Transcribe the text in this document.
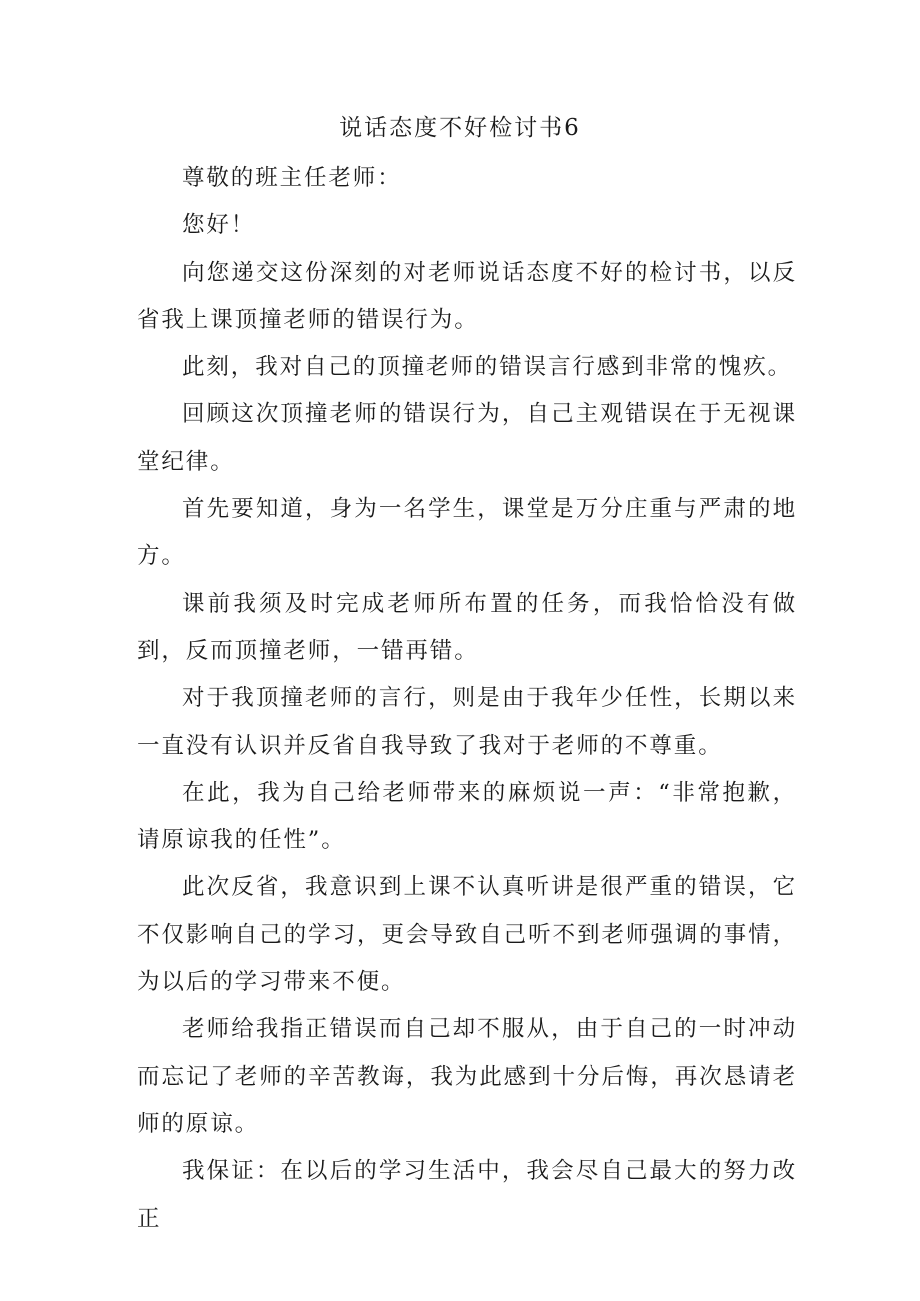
说话态度不好检讨书6

尊敬的班主任老师：

您好！

向您递交这份深刻的对老师说话态度不好的检讨书，以反省我上课顶撞老师的错误行为。

此刻，我对自己的顶撞老师的错误言行感到非常的愧疚。

回顾这次顶撞老师的错误行为，自己主观错误在于无视课堂纪律。

首先要知道，身为一名学生，课堂是万分庄重与严肃的地方。

课前我须及时完成老师所布置的任务，而我恰恰没有做到，反而顶撞老师，一错再错。

对于我顶撞老师的言行，则是由于我年少任性，长期以来一直没有认识并反省自我导致了我对于老师的不尊重。

在此，我为自己给老师带来的麻烦说一声：“非常抱歉，请原谅我的任性”。

此次反省，我意识到上课不认真听讲是很严重的错误，它不仅影响自己的学习，更会导致自己听不到老师强调的事情，为以后的学习带来不便。

老师给我指正错误而自己却不服从，由于自己的一时冲动而忘记了老师的辛苦教诲，我为此感到十分后悔，再次恳请老师的原谅。

我保证：在以后的学习生活中，我会尽自己最大的努力改正
